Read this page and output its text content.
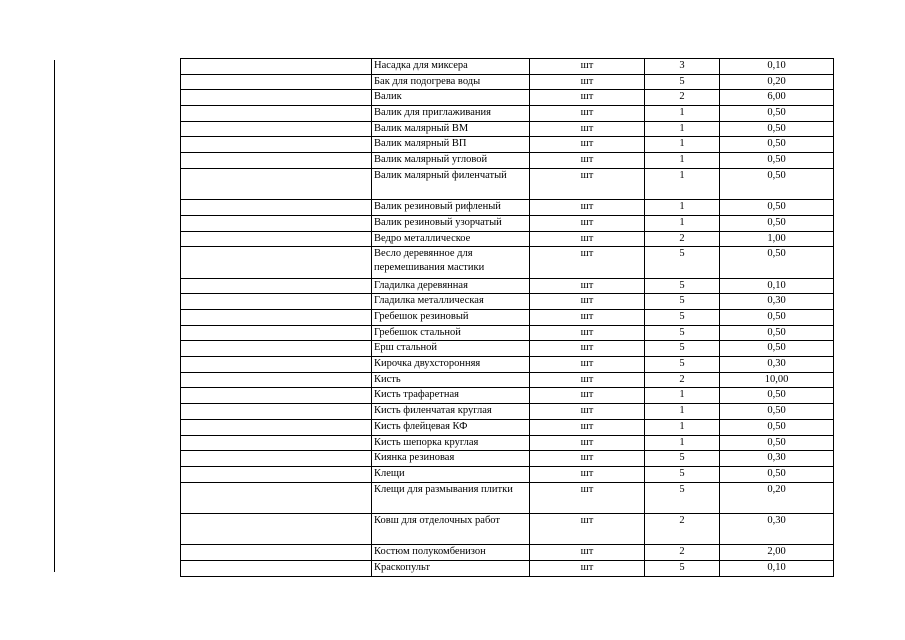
	Насадка для миксера	шт	3	0,10
	Бак для подогрева воды	шт	5	0,20
	Валик	шт	2	6,00
	Валик для приглаживания	шт	1	0,50
	Валик малярный ВМ	шт	1	0,50
	Валик малярный ВП	шт	1	0,50
	Валик малярный угловой	шт	1	0,50
	Валик малярный филенчатый	шт	1	0,50
	Валик резиновый рифленый	шт	1	0,50
	Валик резиновый узорчатый	шт	1	0,50
	Ведро металлическое	шт	2	1,00
	Весло деревянное для перемешивания мастики	шт	5	0,50
	Гладилка деревянная	шт	5	0,10
	Гладилка металлическая	шт	5	0,30
	Гребешок резиновый	шт	5	0,50
	Гребешок стальной	шт	5	0,50
	Ерш стальной	шт	5	0,50
	Кирочка двухсторонняя	шт	5	0,30
	Кисть	шт	2	10,00
	Кисть трафаретная	шт	1	0,50
	Кисть филенчатая круглая	шт	1	0,50
	Кисть флейцевая КФ	шт	1	0,50
	Кисть шепорка круглая	шт	1	0,50
	Киянка резиновая	шт	5	0,30
	Клещи	шт	5	0,50
	Клещи для размывания плитки	шт	5	0,20
	Ковш для отделочных работ	шт	2	0,30
	Костюм полукомбенизон	шт	2	2,00
	Краскопульт	шт	5	0,10
